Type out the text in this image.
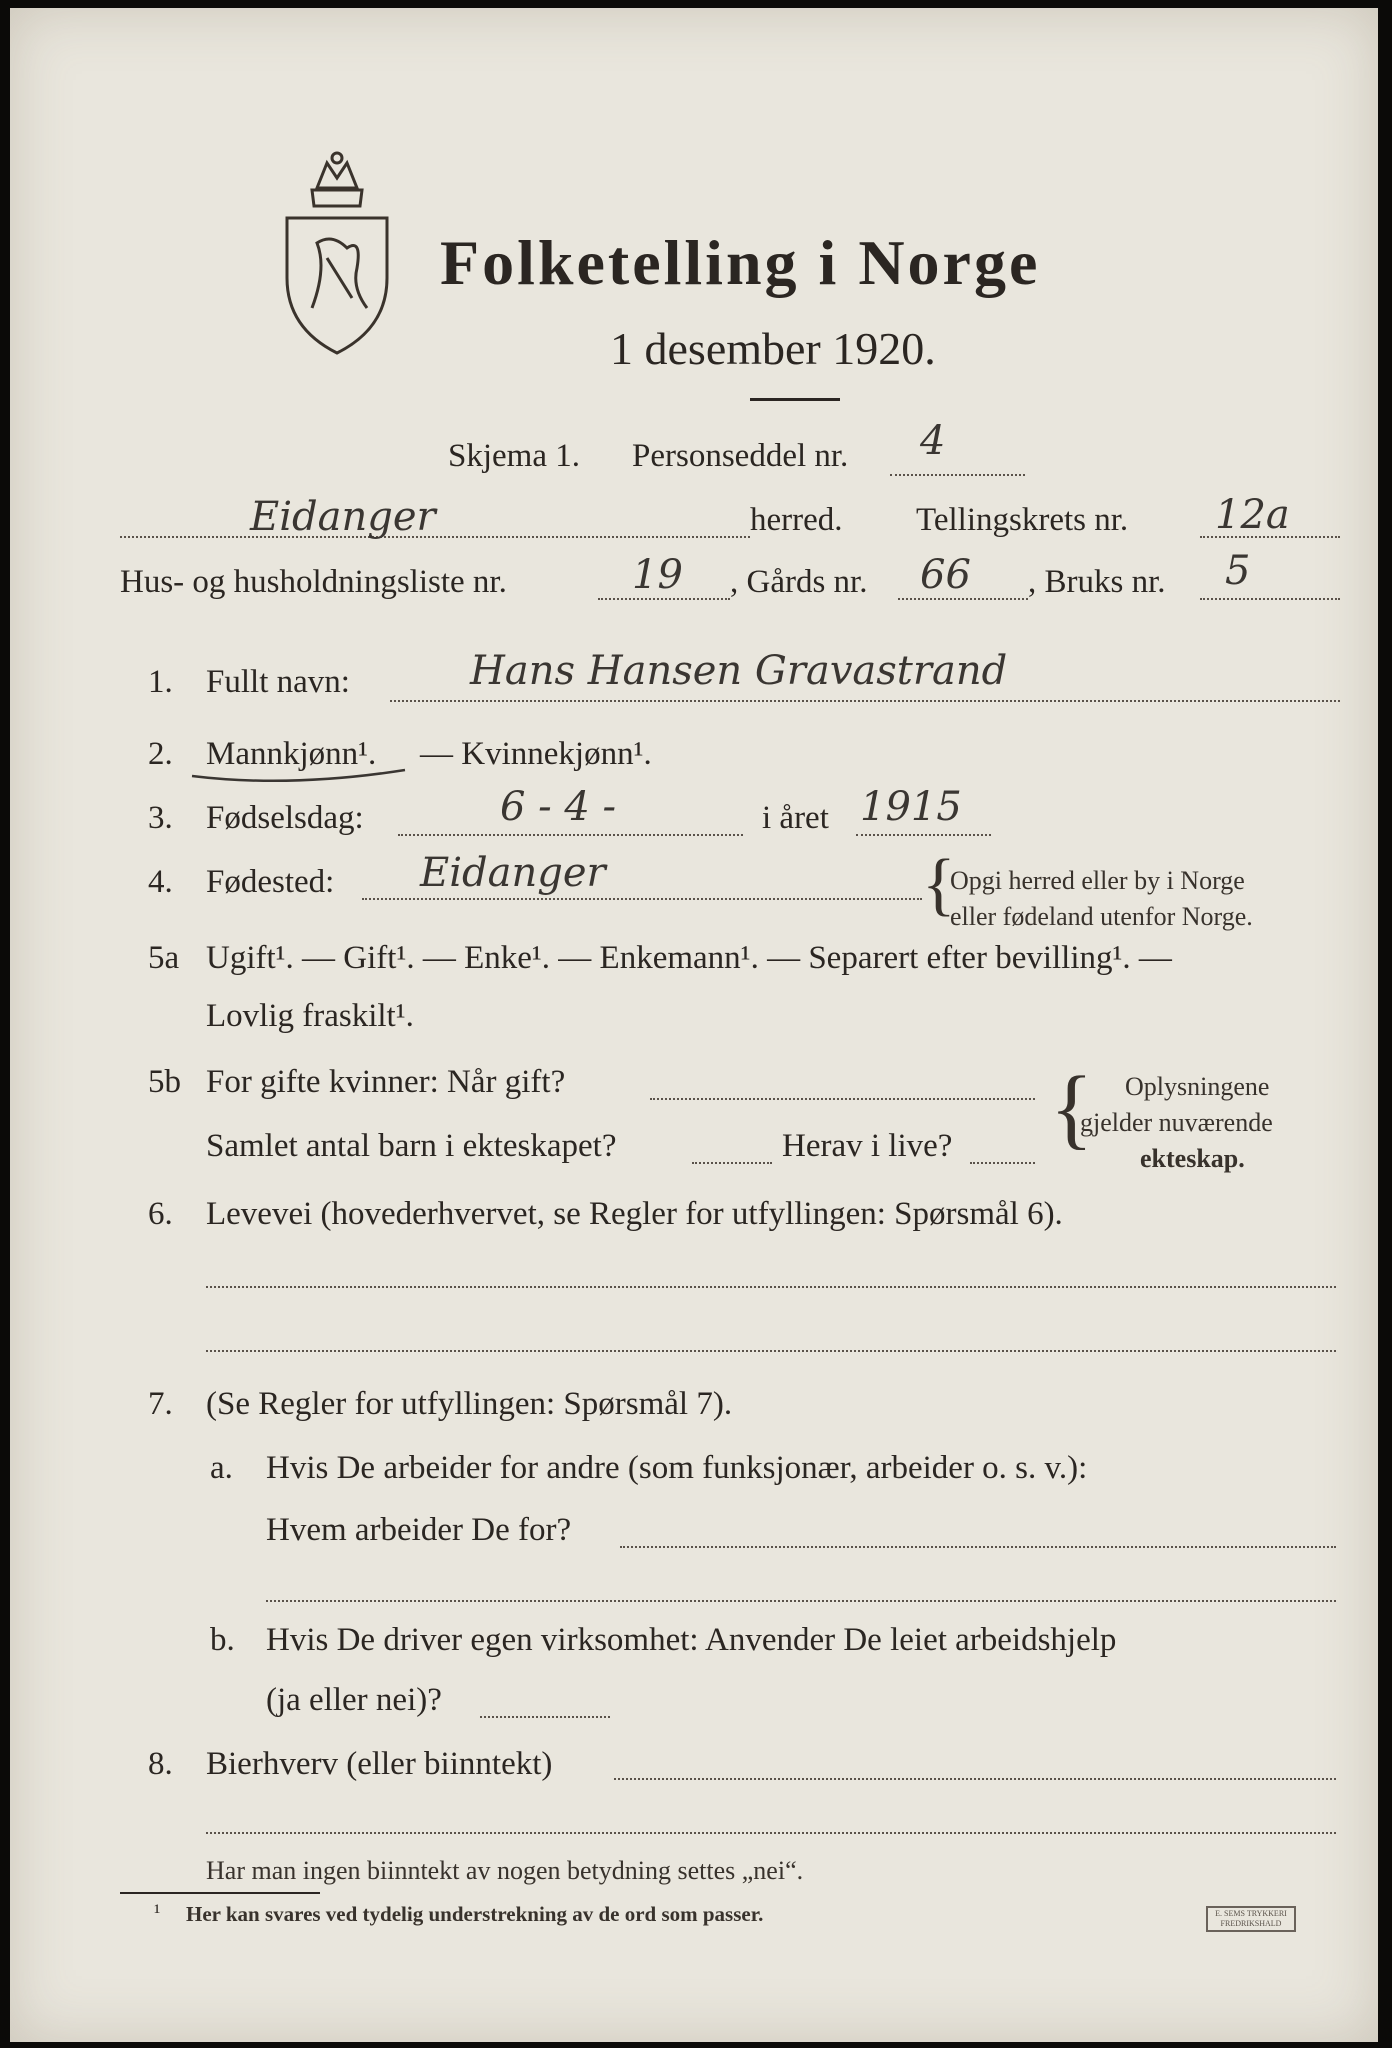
Folketelling i Norge
1 desember 1920.
Skjema 1. Personseddel nr. 4
Eidanger	herred. Tellingskrets nr. 12a
Hus- og husholdningsliste nr.	19 , Gårds nr. 66 , Bruks nr. 5
1. Fullt navn:	Hans Hansen Gravastrand
2. Mannkjønn¹. — Kvinnekjønn¹.
3. Fødselsdag:	6 - 4 -	i året 1915
4. Fødested: Eidanger	{
Opgi herred eller by i Norge
eller fødeland utenfor Norge.
5a Ugift¹. — Gift¹. — Enke¹. — Enkemann¹. — Separert efter bevilling¹. —
Lovlig fraskilt¹.
5b For gifte kvinner: Når gift?
Samlet antal barn i ekteskapet?	Herav i live? { Oplysningene
gjelder nuværende
ekteskap.
6. Levevei (hovederhvervet, se Regler for utfyllingen: Spørsmål 6).
7. (Se Regler for utfyllingen: Spørsmål 7).
a. Hvis De arbeider for andre (som funksjonær, arbeider o. s. v.):
Hvem arbeider De for?
b. Hvis De driver egen virksomhet: Anvender De leiet arbeidshjelp
(ja eller nei)?
8. Bierhverv (eller biinntekt)
Har man ingen biinntekt av nogen betydning settes „nei“.
¹ Her kan svares ved tydelig understrekning av de ord som passer.	E. SEMS TRYKKERI FREDRIKSHALD
